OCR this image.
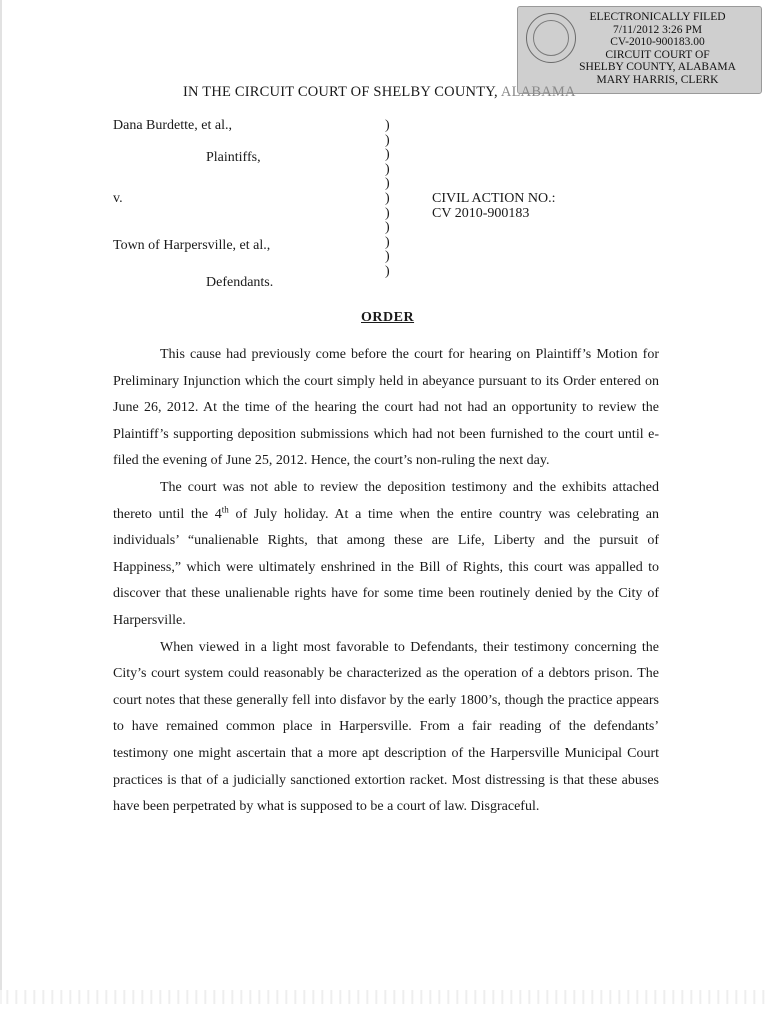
ELECTRONICALLY FILED
7/11/2012 3:26 PM
CV-2010-900183.00
CIRCUIT COURT OF
SHELBY COUNTY, ALABAMA
MARY HARRIS, CLERK
IN THE CIRCUIT COURT OF SHELBY COUNTY, ALABAMA
Dana Burdette, et al.,
Plaintiffs,
v.	CIVIL ACTION NO.:
CV 2010-900183
Town of Harpersville, et al.,
Defendants.
)
)
)
)
)
)
)
)
)
)
)
ORDER

This cause had previously come before the court for hearing on Plaintiff’s Motion for Preliminary Injunction which the court simply held in abeyance pursuant to its Order entered on June 26, 2012. At the time of the hearing the court had not had an opportunity to review the Plaintiff’s supporting deposition submissions which had not been furnished to the court until e-filed the evening of June 25, 2012. Hence, the court’s non-ruling the next day.

The court was not able to review the deposition testimony and the exhibits attached thereto until the 4th of July holiday. At a time when the entire country was celebrating an individuals’ “unalienable Rights, that among these are Life, Liberty and the pursuit of Happiness,” which were ultimately enshrined in the Bill of Rights, this court was appalled to discover that these unalienable rights have for some time been routinely denied by the City of Harpersville.

When viewed in a light most favorable to Defendants, their testimony concerning the City’s court system could reasonably be characterized as the operation of a debtors prison. The court notes that these generally fell into disfavor by the early 1800’s, though the practice appears to have remained common place in Harpersville. From a fair reading of the defendants’ testimony one might ascertain that a more apt description of the Harpersville Municipal Court practices is that of a judicially sanctioned extortion racket. Most distressing is that these abuses have been perpetrated by what is supposed to be a court of law. Disgraceful.
